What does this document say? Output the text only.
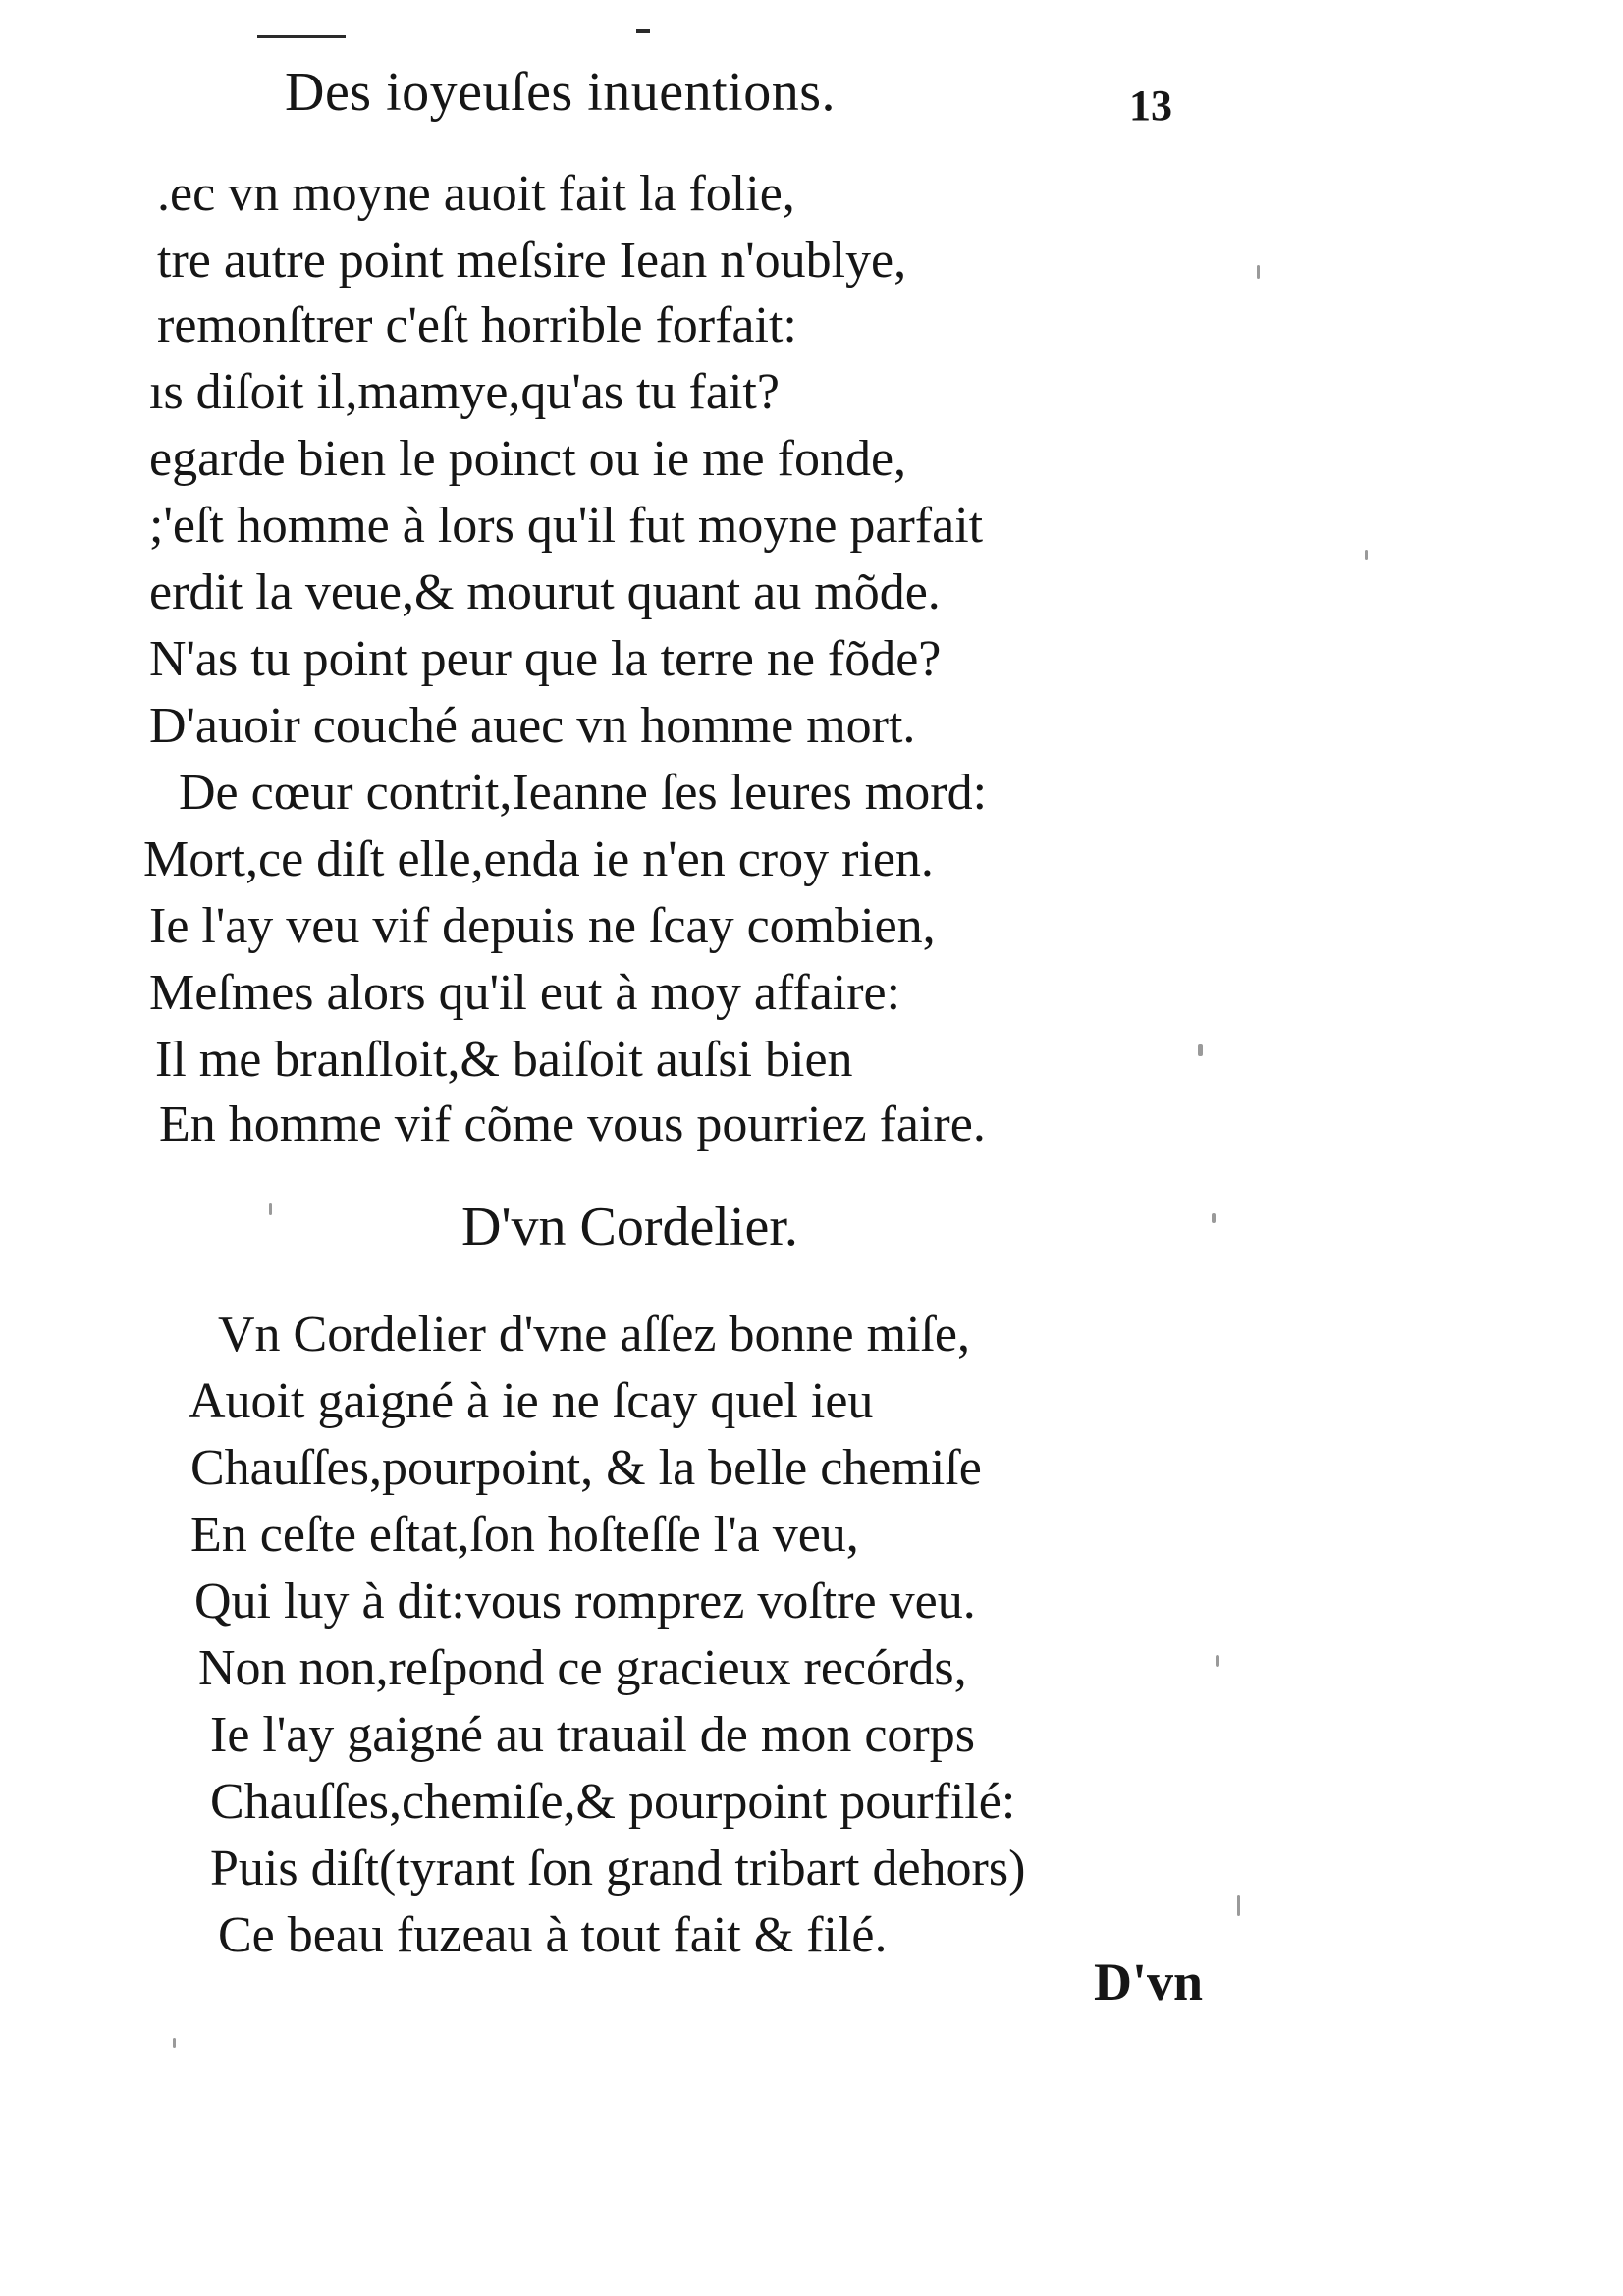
Des ioyeuſes inuentions.	13
.ec vn moyne auoit fait la folie,
tre autre point meſsire Iean n'oublye,
remonſtrer c'eſt horrible forfait:
ıs diſoit il,mamye,qu'as tu fait?
egarde bien le poinct ou ie me fonde,
;'eſt homme à lors qu'il fut moyne parfait
erdit la veue,& mourut quant au mõde.
N'as tu point peur que la terre ne fõde?
D'auoir couché auec vn homme mort.
De cœur contrit,Ieanne ſes leures mord:
Mort,ce diſt elle,enda ie n'en croy rien.
Ie l'ay veu vif depuis ne ſcay combien,
Meſmes alors qu'il eut à moy affaire:
Il me branſloit,& baiſoit auſsi bien
En homme vif cõme vous pourriez faire.
D'vn Cordelier.
Vn Cordelier d'vne aſſez bonne miſe,
Auoit gaigné à ie ne ſcay quel ieu
Chauſſes,pourpoint, & la belle chemiſe
En ceſte eſtat,ſon hoſteſſe l'a veu,
Qui luy à dit:vous romprez voſtre veu.
Non non,reſpond ce gracieux recórds,
Ie l'ay gaigné au trauail de mon corps
Chauſſes,chemiſe,& pourpoint pourfilé:
Puis diſt(tyrant ſon grand tribart dehors)
Ce beau fuzeau à tout fait & filé.
D'vn
